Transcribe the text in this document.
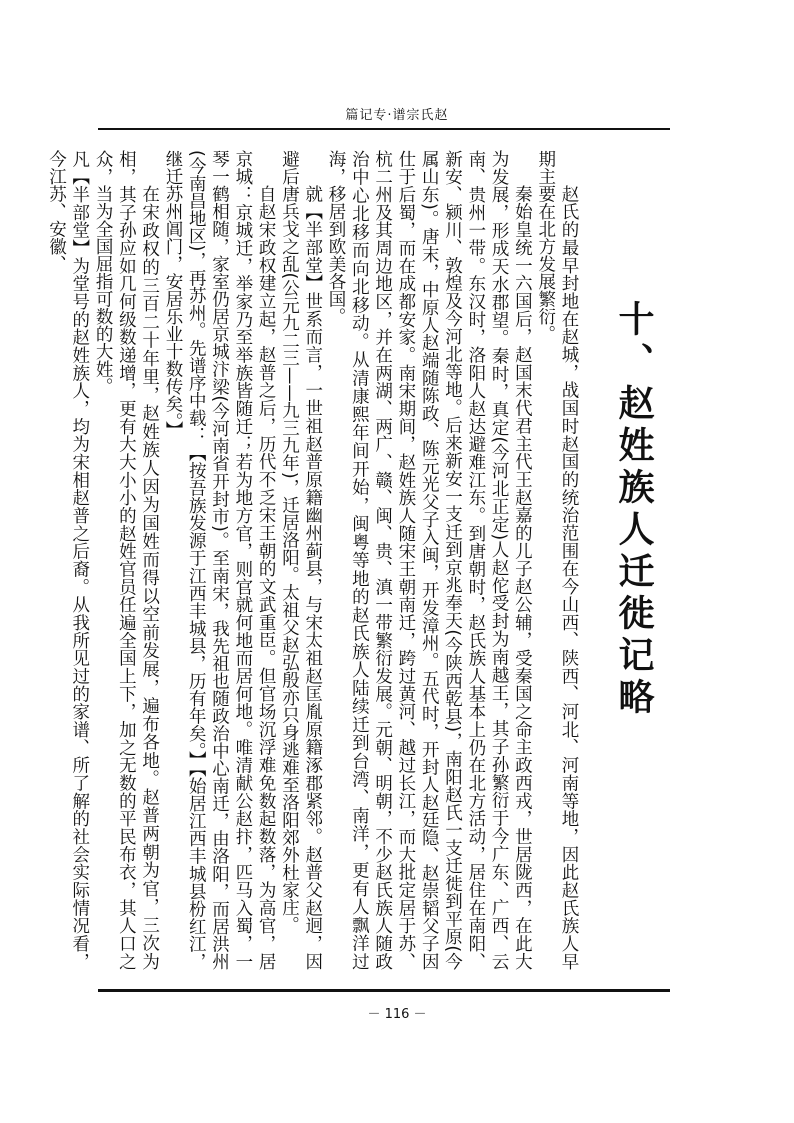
篇记专·谱宗氏赵
十、赵姓族人迁徙记略

赵氏的最早封地在赵城，战国时赵国的统治范围在今山西、陕西、河北、河南等地，因此赵氏族人早期主要在北方发展繁衍。

秦始皇统一六国后，赵国末代君主代王赵嘉的儿子赵公辅，受秦国之命主政西戎，世居陇西，在此大为发展，形成天水郡望。秦时，真定(今河北正定)人赵佗受封为南越王，其子孙繁衍于今广东、广西、云南、贵州一带。东汉时，洛阳人赵达避难江东。到唐朝时，赵氏族人基本上仍在北方活动，居住在南阳、新安、颍川、敦煌及今河北等地。后来新安一支迁到京兆奉天(今陕西乾县)，南阳赵氏一支迁徙到平原(今属山东)。唐末，中原人赵端随陈政、陈元光父子入闽，开发漳州。五代时，开封人赵廷隐、赵崇韬父子因仕于后蜀，而在成都安家。南宋期间，赵姓族人随宋王朝南迁，跨过黄河、越过长江，而大批定居于苏、杭二州及其周边地区，并在两湖、两广、赣、闽、贵、滇一带繁衍发展。元朝、明朝，不少赵氏族人随政治中心北移而向北移动。从清康熙年间开始，闽粤等地的赵氏族人陆续迁到台湾、南洋，更有人飘洋过海，移居到欧美各国。

就【半部堂】世系而言，一世祖赵普原籍幽州蓟县，与宋太祖赵匡胤原籍涿郡紧邻。赵普父赵迥，因避后唐兵戈之乱(公元九二三——九三九年)，迁居洛阳。太祖父赵弘殷亦只身逃难至洛阳郊外杜家庄。

自赵宋政权建立起，赵普之后，历代不乏宋王朝的文武重臣。但官场沉浮难免数起数落，为高官，居京城：京城迁，举家乃至举族皆随迁；若为地方官，则官就何地而居何地。唯清献公赵抃，匹马入蜀，一琴一鹤相随，家室仍居京城汴梁(今河南省开封市)。至南宋，我先祖也随政治中心南迁，由洛阳，而居洪州(今南昌地区)，再苏州。先谱序中载：【按吾族发源于江西丰城县，历有年矣。】【始居江西丰城县枌红江，继迁苏州阊门，安居乐业十数传矣。】

在宋政权的三百二十年里，赵姓族人因为国姓而得以空前发展，遍布各地。赵普两朝为官，三次为相，其子孙应如几何级数递增，更有大大小小的赵姓官员任遍全国上下，加之无数的平民布衣，其人口之众，当为全国屈指可数的大姓。

凡【半部堂】为堂号的赵姓族人，均为宋相赵普之后裔。从我所见过的家谱、所了解的社会实际情况看，今江苏、安徽、

－ 116 －
